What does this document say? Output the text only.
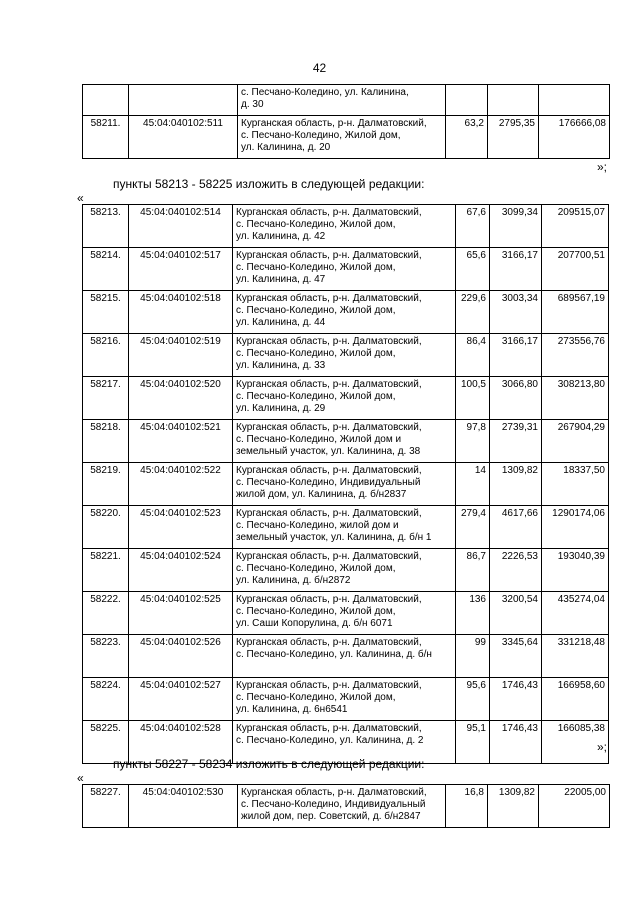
42
		с. Песчано-Коледино, ул. Калинина,
д. 30			
58211.	45:04:040102:511	Курганская область, р-н. Далматовский,
с. Песчано-Коледино, Жилой дом,
ул. Калинина, д. 20	63,2	2795,35	176666,08
»;
пункты 58213 - 58225 изложить в следующей редакции:
«
58213.	45:04:040102:514	Курганская область, р-н. Далматовский,
с. Песчано-Коледино, Жилой дом,
ул. Калинина, д. 42	67,6	3099,34	209515,07
58214.	45:04:040102:517	Курганская область, р-н. Далматовский,
с. Песчано-Коледино, Жилой дом,
ул. Калинина, д. 47	65,6	3166,17	207700,51
58215.	45:04:040102:518	Курганская область, р-н. Далматовский,
с. Песчано-Коледино, Жилой дом,
ул. Калинина, д. 44	229,6	3003,34	689567,19
58216.	45:04:040102:519	Курганская область, р-н. Далматовский,
с. Песчано-Коледино, Жилой дом,
ул. Калинина, д. 33	86,4	3166,17	273556,76
58217.	45:04:040102:520	Курганская область, р-н. Далматовский,
с. Песчано-Коледино, Жилой дом,
ул. Калинина, д. 29	100,5	3066,80	308213,80
58218.	45:04:040102:521	Курганская область, р-н. Далматовский,
с. Песчано-Коледино, Жилой дом и
земельный участок, ул. Калинина, д. 38	97,8	2739,31	267904,29
58219.	45:04:040102:522	Курганская область, р-н. Далматовский,
с. Песчано-Коледино, Индивидуальный
жилой дом, ул. Калинина, д. б/н2837	14	1309,82	18337,50
58220.	45:04:040102:523	Курганская область, р-н. Далматовский,
с. Песчано-Коледино, жилой дом и
земельный участок, ул. Калинина, д. б/н 1	279,4	4617,66	1290174,06
58221.	45:04:040102:524	Курганская область, р-н. Далматовский,
с. Песчано-Коледино, Жилой дом,
ул. Калинина, д. б/н2872	86,7	2226,53	193040,39
58222.	45:04:040102:525	Курганская область, р-н. Далматовский,
с. Песчано-Коледино, Жилой дом,
ул. Саши Копорулина, д. б/н 6071	136	3200,54	435274,04
58223.	45:04:040102:526	Курганская область, р-н. Далматовский,
с. Песчано-Коледино, ул. Калинина, д. б/н	99	3345,64	331218,48
58224.	45:04:040102:527	Курганская область, р-н. Далматовский,
с. Песчано-Коледино, Жилой дом,
ул. Калинина, д. 6н6541	95,6	1746,43	166958,60
58225.	45:04:040102:528	Курганская область, р-н. Далматовский,
с. Песчано-Коледино, ул. Калинина, д. 2	95,1	1746,43	166085,38
»;
пункты 58227 - 58234 изложить в следующей редакции:
«
58227.	45:04:040102:530	Курганская область, р-н. Далматовский,
с. Песчано-Коледино, Индивидуальный
жилой дом, пер. Советский, д. б/н2847	16,8	1309,82	22005,00
